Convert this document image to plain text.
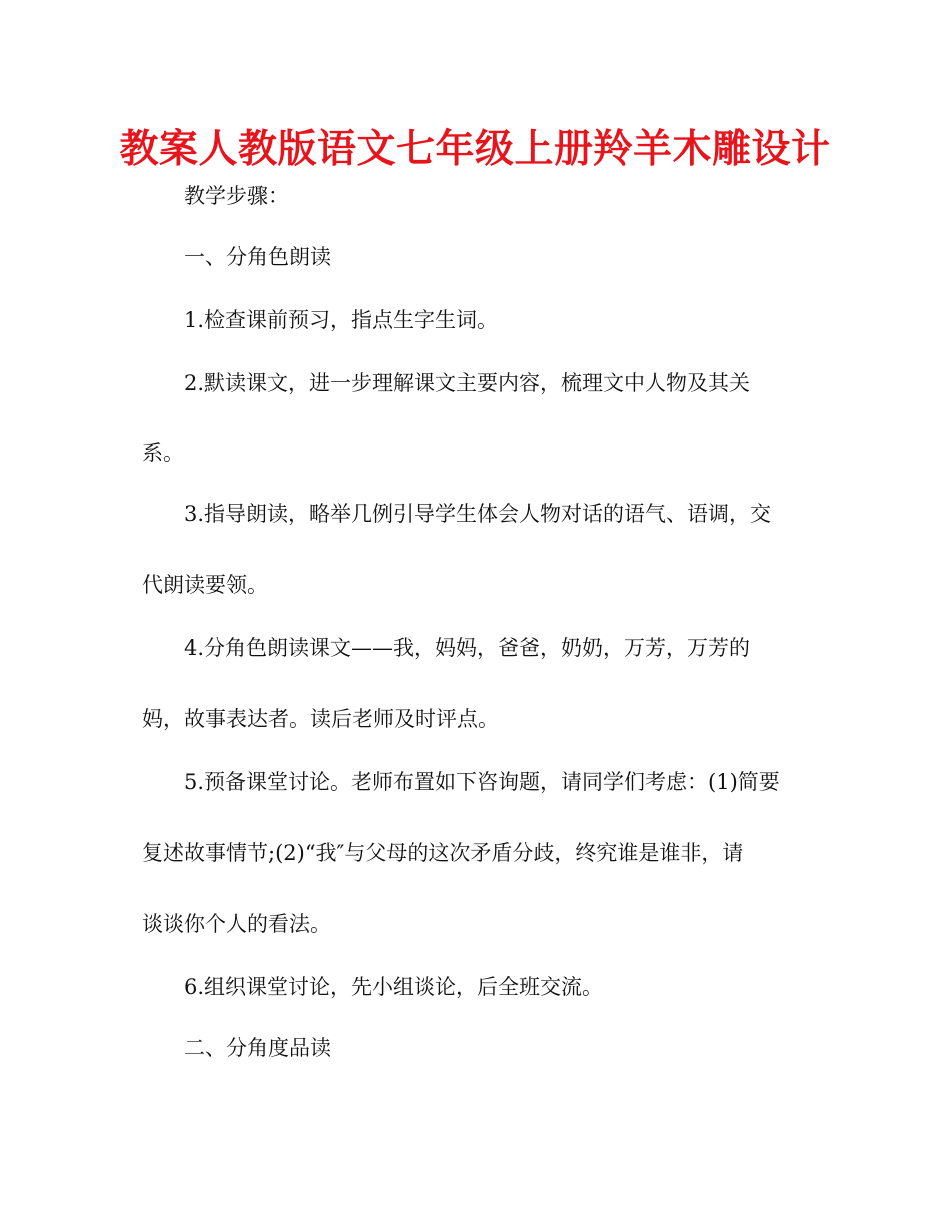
教案人教版语文七年级上册羚羊木雕设计

教学步骤：

一、分角色朗读

1.检查课前预习，指点生字生词。

2.默读课文，进一步理解课文主要内容，梳理文中人物及其关

系。

3.指导朗读，略举几例引导学生体会人物对话的语气、语调，交

代朗读要领。

4.分角色朗读课文——我，妈妈，爸爸，奶奶，万芳，万芳的

妈，故事表达者。读后老师及时评点。

5.预备课堂讨论。老师布置如下咨询题，请同学们考虑：(1)简要

复述故事情节;(2)“我″与父母的这次矛盾分歧，终究谁是谁非，请

谈谈你个人的看法。

6.组织课堂讨论，先小组谈论，后全班交流。

二、分角度品读
